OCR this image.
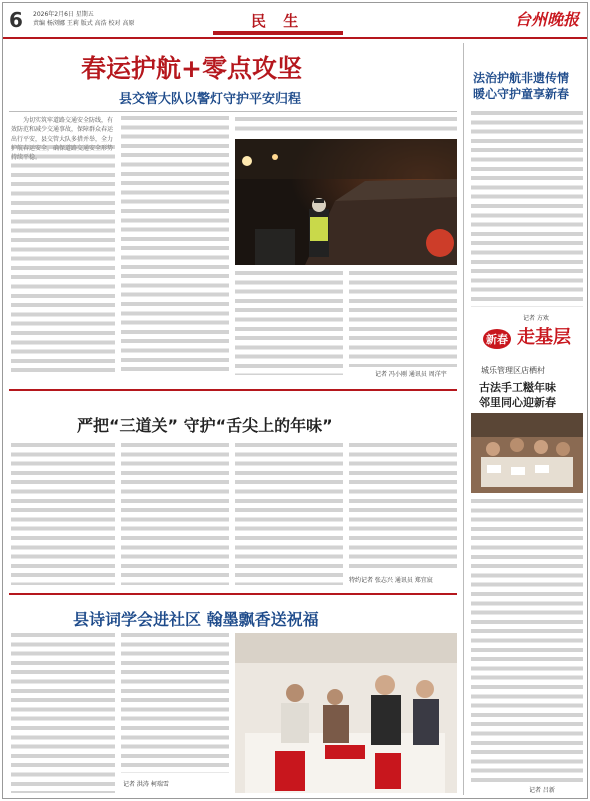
6 2026年2月6日 星期五
责编 杨浏娜 王莉 版式 高浩 校对 高原	民 生	台州晚报
春运护航+零点攻坚
县交管大队以警灯守护平安归程

为切实筑牢道路交通安全防线，有效防范和减少交通事故，保障群众春运出行平安，县交管大队多措并举，全力护航春运安全，确保道路交通安全形势持续平稳。

记者 冯小刚 通讯员 周洋宇
严把“三道关” 守护“舌尖上的年味”
特约记者 张志兴 通讯员 郑宜宸
县诗词学会进社区 翰墨飘香送祝福
记者 洪涛 柯瑞雪
法治护航非遗传情
暖心守护童享新春
记者 方欢
新春 走基层
城乐管理区店栖村
古法手工糍年味
邻里同心迎新春
记者 吕新
